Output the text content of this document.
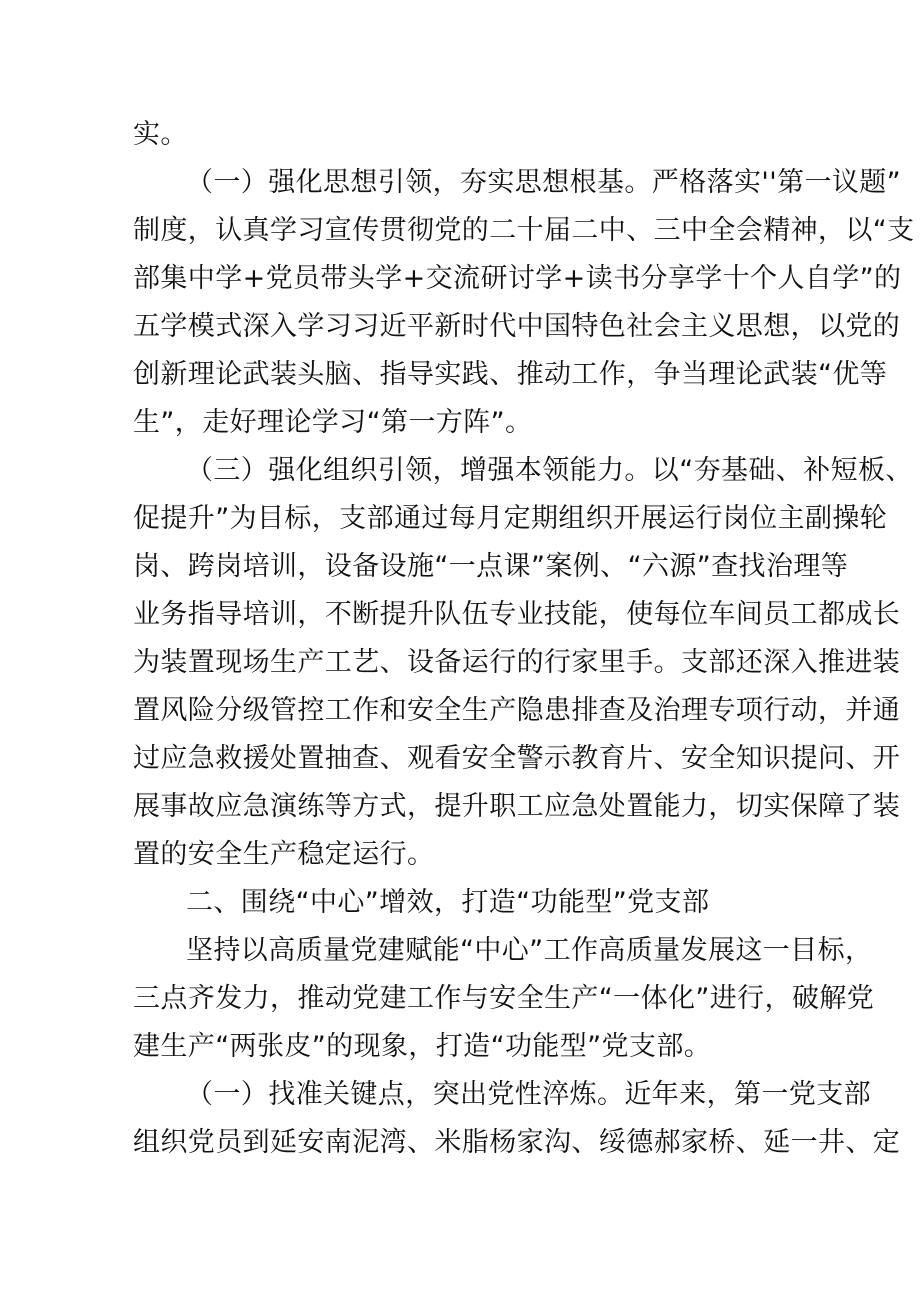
实。
（一）强化思想引领，夯实思想根基。严格落实''第一议题”
制度，认真学习宣传贯彻党的二十届二中、三中全会精神，以“支
部集中学+党员带头学+交流研讨学+读书分享学十个人自学”的
五学模式深入学习习近平新时代中国特色社会主义思想，以党的
创新理论武装头脑、指导实践、推动工作，争当理论武装“优等
生”，走好理论学习“第一方阵”。
（三）强化组织引领，增强本领能力。以“夯基础、补短板、
促提升”为目标，支部通过每月定期组织开展运行岗位主副操轮
岗、跨岗培训，设备设施“一点课”案例、“六源”查找治理等
业务指导培训，不断提升队伍专业技能，使每位车间员工都成长
为装置现场生产工艺、设备运行的行家里手。支部还深入推进装
置风险分级管控工作和安全生产隐患排查及治理专项行动，并通
过应急救援处置抽查、观看安全警示教育片、安全知识提问、开
展事故应急演练等方式，提升职工应急处置能力，切实保障了装
置的安全生产稳定运行。
二、围绕“中心”增效，打造“功能型”党支部
坚持以高质量党建赋能“中心”工作高质量发展这一目标，
三点齐发力，推动党建工作与安全生产“一体化”进行，破解党
建生产“两张皮”的现象，打造“功能型”党支部。
（一）找准关键点，突出党性淬炼。近年来，第一党支部
组织党员到延安南泥湾、米脂杨家沟、绥德郝家桥、延一井、定
